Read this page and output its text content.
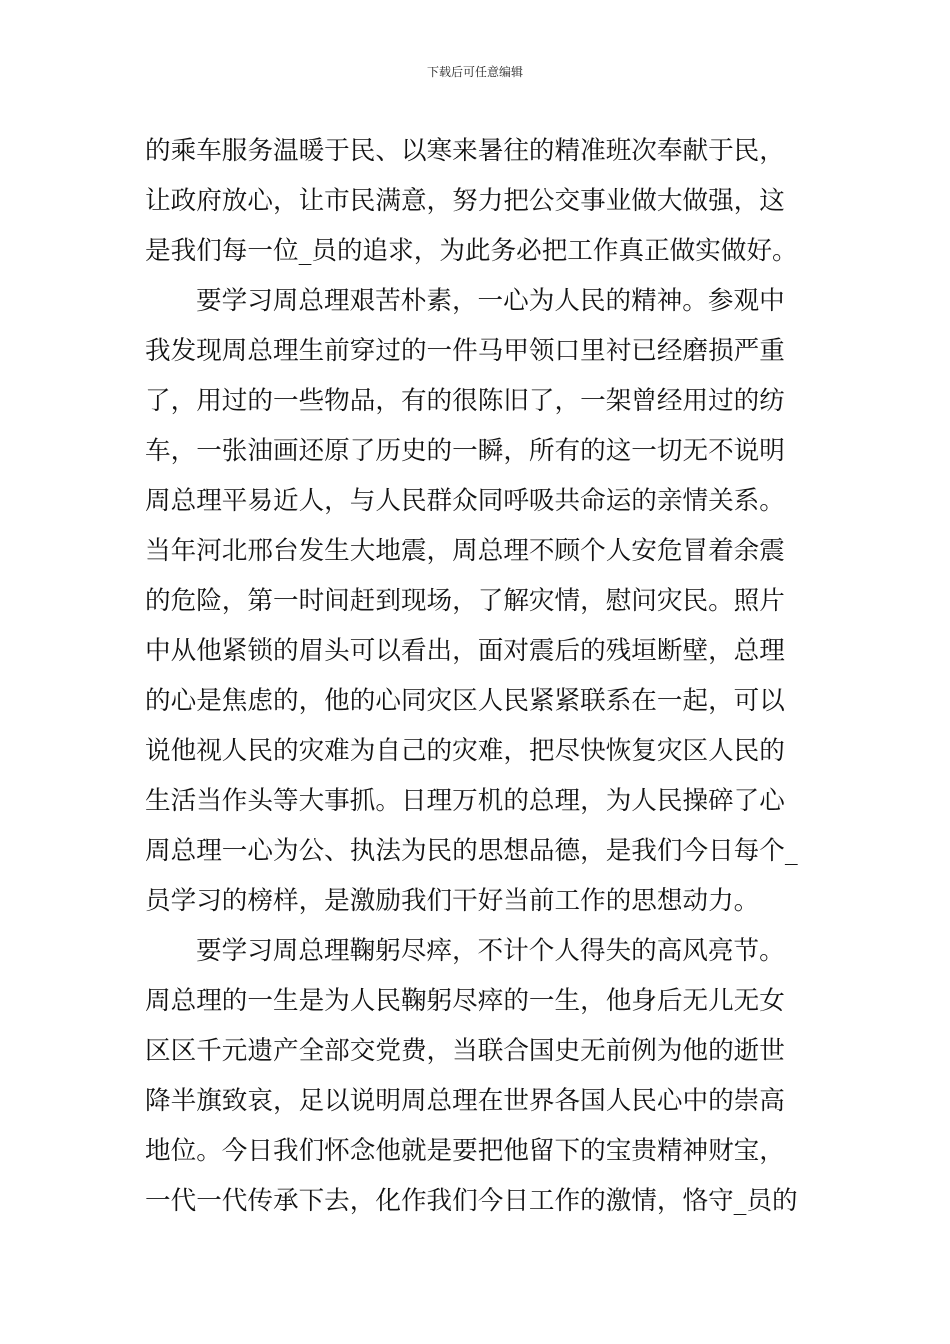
下载后可任意编辑
的乘车服务温暖于民、以寒来暑往的精准班次奉献于民，
让政府放心，让市民满意，努力把公交事业做大做强，这
是我们每一位_员的追求，为此务必把工作真正做实做好。
要学习周总理艰苦朴素，一心为人民的精神。参观中
我发现周总理生前穿过的一件马甲领口里衬已经磨损严重
了，用过的一些物品，有的很陈旧了，一架曾经用过的纺
车，一张油画还原了历史的一瞬，所有的这一切无不说明
周总理平易近人，与人民群众同呼吸共命运的亲情关系。
当年河北邢台发生大地震，周总理不顾个人安危冒着余震
的危险，第一时间赶到现场，了解灾情，慰问灾民。照片
中从他紧锁的眉头可以看出，面对震后的残垣断壁，总理
的心是焦虑的，他的心同灾区人民紧紧联系在一起，可以
说他视人民的灾难为自己的灾难，把尽快恢复灾区人民的
生活当作头等大事抓。日理万机的总理，为人民操碎了心
周总理一心为公、执法为民的思想品德，是我们今日每个_
员学习的榜样，是激励我们干好当前工作的思想动力。
要学习周总理鞠躬尽瘁，不计个人得失的高风亮节。
周总理的一生是为人民鞠躬尽瘁的一生，他身后无儿无女
区区千元遗产全部交党费，当联合国史无前例为他的逝世
降半旗致哀，足以说明周总理在世界各国人民心中的崇高
地位。今日我们怀念他就是要把他留下的宝贵精神财宝，
一代一代传承下去，化作我们今日工作的激情，恪守_员的
